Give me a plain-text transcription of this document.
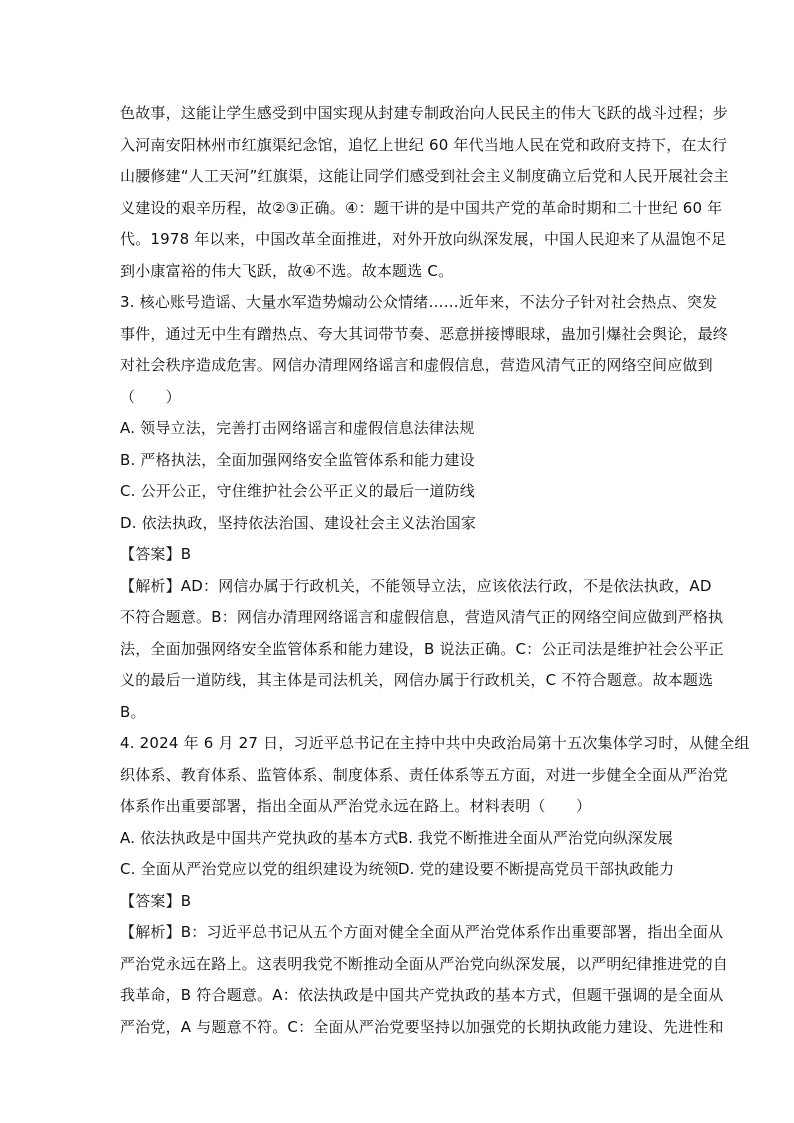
色故事，这能让学生感受到中国实现从封建专制政治向人民民主的伟大飞跃的战斗过程；步
入河南安阳林州市红旗渠纪念馆，追忆上世纪 60 年代当地人民在党和政府支持下，在太行
山腰修建“人工天河”红旗渠，这能让同学们感受到社会主义制度确立后党和人民开展社会主
义建设的艰辛历程，故②③正确。④：题干讲的是中国共产党的革命时期和二十世纪 60 年
代。1978 年以来，中国改革全面推进，对外开放向纵深发展，中国人民迎来了从温饱不足
到小康富裕的伟大飞跃，故④不选。故本题选 C。
3. 核心账号造谣、大量水军造势煽动公众情绪……近年来，不法分子针对社会热点、突发
事件，通过无中生有蹭热点、夸大其词带节奏、恶意拼接博眼球，蛊加引爆社会舆论，最终
对社会秩序造成危害。网信办清理网络谣言和虚假信息，营造风清气正的网络空间应做到
（　　）
A. 领导立法，完善打击网络谣言和虚假信息法律法规
B. 严格执法，全面加强网络安全监管体系和能力建设
C. 公开公正，守住维护社会公平正义的最后一道防线
D. 依法执政，坚持依法治国、建设社会主义法治国家
【答案】B
【解析】AD：网信办属于行政机关，不能领导立法，应该依法行政，不是依法执政，AD
不符合题意。B：网信办清理网络谣言和虚假信息，营造风清气正的网络空间应做到严格执
法，全面加强网络安全监管体系和能力建设，B 说法正确。C：公正司法是维护社会公平正
义的最后一道防线，其主体是司法机关，网信办属于行政机关，C 不符合题意。故本题选
B。
4. 2024 年 6 月 27 日，习近平总书记在主持中共中央政治局第十五次集体学习时，从健全组
织体系、教育体系、监管体系、制度体系、责任体系等五方面，对进一步健全全面从严治党
体系作出重要部署，指出全面从严治党永远在路上。材料表明（　　）
A. 依法执政是中国共产党执政的基本方式 B. 我党不断推进全面从严治党向纵深发展
C. 全面从严治党应以党的组织建设为统领
D. 党的建设要不断提高党员干部执政能力
【答案】B
【解析】B：习近平总书记从五个方面对健全全面从严治党体系作出重要部署，指出全面从
严治党永远在路上。这表明我党不断推动全面从严治党向纵深发展，以严明纪律推进党的自
我革命，B 符合题意。A：依法执政是中国共产党执政的基本方式，但题干强调的是全面从
严治党，A 与题意不符。C：全面从严治党要坚持以加强党的长期执政能力建设、先进性和
